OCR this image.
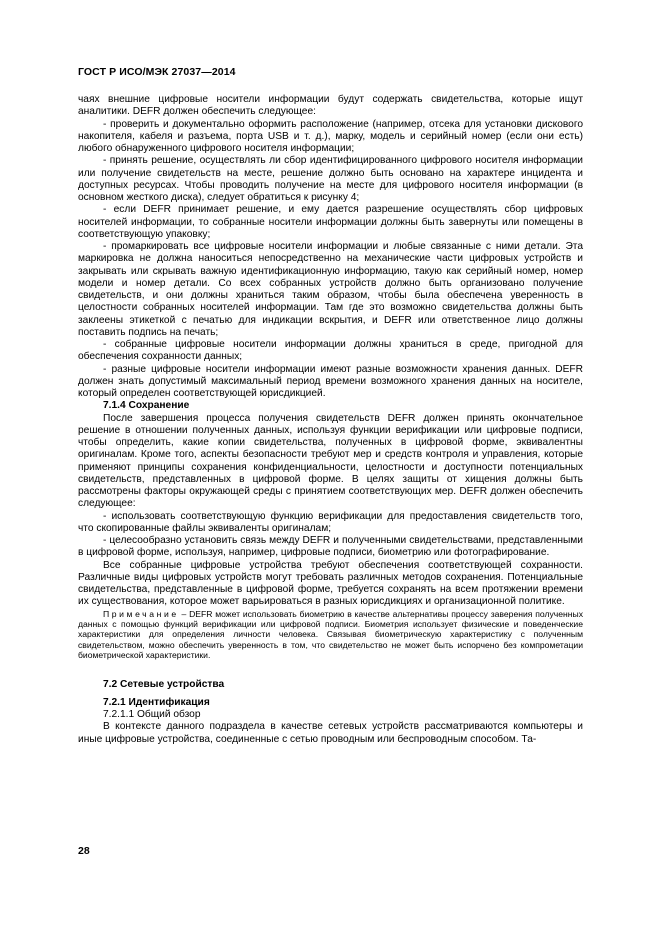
ГОСТ Р ИСО/МЭК 27037—2014

чаях внешние цифровые носители информации будут содержать свидетельства, которые ищут аналитики. DEFR должен обеспечить следующее:

- проверить и документально оформить расположение (например, отсека для установки дискового накопителя, кабеля и разъема, порта USB и т. д.), марку, модель и серийный номер (если они есть) любого обнаруженного цифрового носителя информации;

- принять решение, осуществлять ли сбор идентифицированного цифрового носителя информации или получение свидетельств на месте, решение должно быть основано на характере инцидента и доступных ресурсах. Чтобы проводить получение на месте для цифрового носителя информации (в основном жесткого диска), следует обратиться к рисунку 4;

- если DEFR принимает решение, и ему дается разрешение осуществлять сбор цифровых носителей информации, то собранные носители информации должны быть завернуты или помещены в соответствующую упаковку;

- промаркировать все цифровые носители информации и любые связанные с ними детали. Эта маркировка не должна наноситься непосредственно на механические части цифровых устройств и закрывать или скрывать важную идентификационную информацию, такую как серийный номер, номер модели и номер детали. Со всех собранных устройств должно быть организовано получение свидетельств, и они должны храниться таким образом, чтобы была обеспечена уверенность в целостности собранных носителей информации. Там где это возможно свидетельства должны быть заклеены этикеткой с печатью для индикации вскрытия, и DEFR или ответственное лицо должны поставить подпись на печать;

- собранные цифровые носители информации должны храниться в среде, пригодной для обеспечения сохранности данных;

- разные цифровые носители информации имеют разные возможности хранения данных. DEFR должен знать допустимый максимальный период времени возможного хранения данных на носителе, который определен соответствующей юрисдикцией.

7.1.4 Сохранение

После завершения процесса получения свидетельств DEFR должен принять окончательное решение в отношении полученных данных, используя функции верификации или цифровые подписи, чтобы определить, какие копии свидетельства, полученных в цифровой форме, эквивалентны оригиналам. Кроме того, аспекты безопасности требуют мер и средств контроля и управления, которые применяют принципы сохранения конфиденциальности, целостности и доступности потенциальных свидетельств, представленных в цифровой форме. В целях защиты от хищения должны быть рассмотрены факторы окружающей среды с принятием соответствующих мер. DEFR должен обеспечить следующее:

- использовать соответствующую функцию верификации для предоставления свидетельств того, что скопированные файлы эквиваленты оригиналам;

- целесообразно установить связь между DEFR и полученными свидетельствами, представленными в цифровой форме, используя, например, цифровые подписи, биометрию или фотографирование.

Все собранные цифровые устройства требуют обеспечения соответствующей сохранности. Различные виды цифровых устройств могут требовать различных методов сохранения. Потенциальные свидетельства, представленные в цифровой форме, требуется сохранять на всем протяжении времени их существования, которое может варьироваться в разных юрисдикциях и организационной политике.

Примечание – DEFR может использовать биометрию в качестве альтернативы процессу заверения полученных данных с помощью функций верификации или цифровой подписи. Биометрия использует физические и поведенческие характеристики для определения личности человека. Связывая биометрическую характеристику с полученным свидетельством, можно обеспечить уверенность в том, что свидетельство не может быть испорчено без компрометации биометрической характеристики.

7.2 Сетевые устройства

7.2.1 Идентификация

7.2.1.1 Общий обзор

В контексте данного подраздела в качестве сетевых устройств рассматриваются компьютеры и иные цифровые устройства, соединенные с сетью проводным или беспроводным способом. Та-

28
